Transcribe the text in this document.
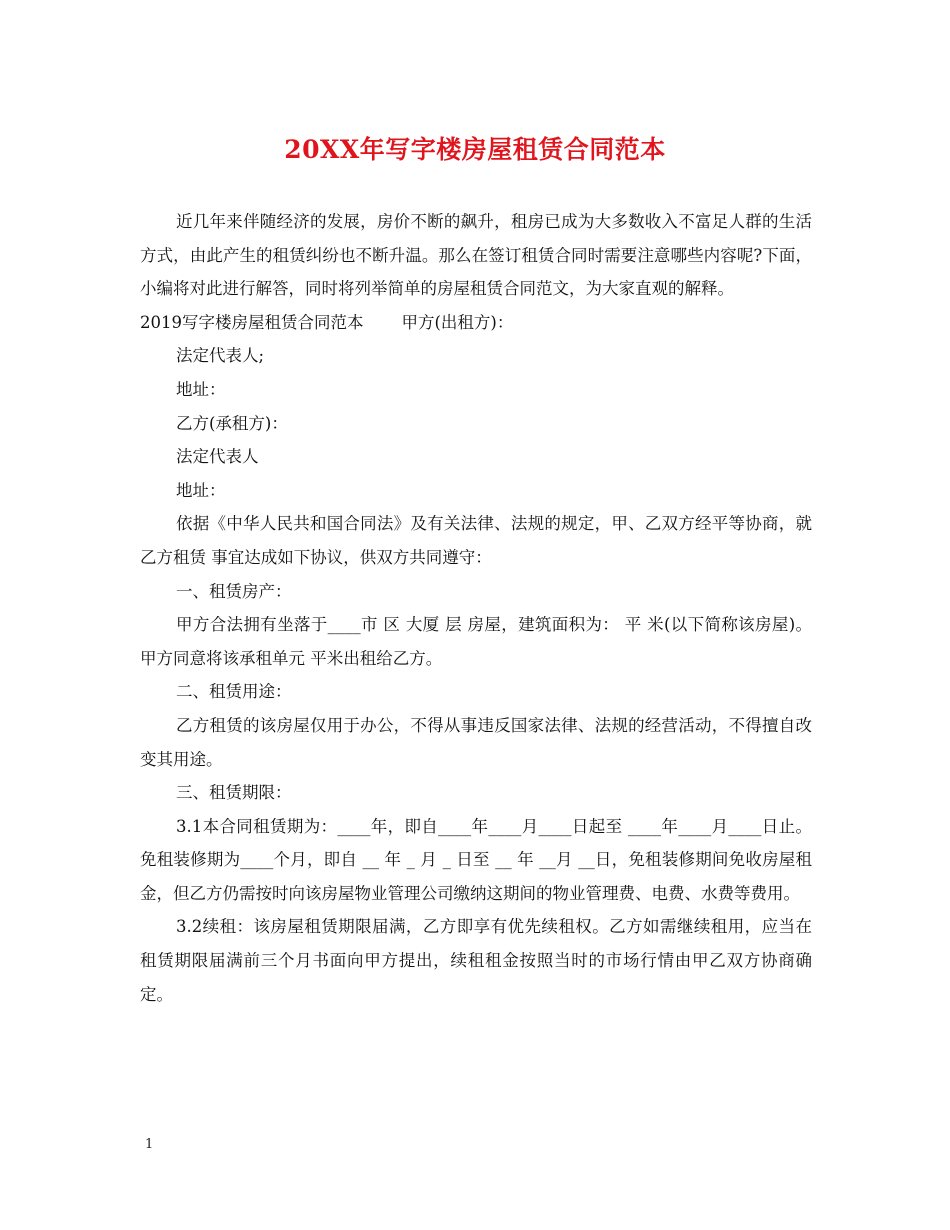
20XX年写字楼房屋租赁合同范本

近几年来伴随经济的发展，房价不断的飙升，租房已成为大多数收入不富足人群的生活方式，由此产生的租赁纠纷也不断升温。那么在签订租赁合同时需要注意哪些内容呢?下面，小编将对此进行解答，同时将列举简单的房屋租赁合同范文，为大家直观的解释。

2019写字楼房屋租赁合同范本 甲方(出租方)：

法定代表人;

地址：

乙方(承租方)：

法定代表人

地址：

依据《中华人民共和国合同法》及有关法律、法规的规定，甲、乙双方经平等协商，就乙方租赁 事宜达成如下协议，供双方共同遵守：

一、租赁房产：

甲方合法拥有坐落于____市 区 大厦 层 房屋，建筑面积为： 平 米(以下简称该房屋)。甲方同意将该承租单元 平米出租给乙方。

二、租赁用途：

乙方租赁的该房屋仅用于办公，不得从事违反国家法律、法规的经营活动，不得擅自改变其用途。

三、租赁期限：

3.1本合同租赁期为：____年，即自____年____月____日起至 ____年____月____日止。免租装修期为____个月，即自 __ 年 _ 月 _ 日至 __ 年 __月 __日，免租装修期间免收房屋租金，但乙方仍需按时向该房屋物业管理公司缴纳这期间的物业管理费、电费、水费等费用。

3.2续租：该房屋租赁期限届满，乙方即享有优先续租权。乙方如需继续租用，应当在租赁期限届满前三个月书面向甲方提出，续租租金按照当时的市场行情由甲乙双方协商确定。

1
